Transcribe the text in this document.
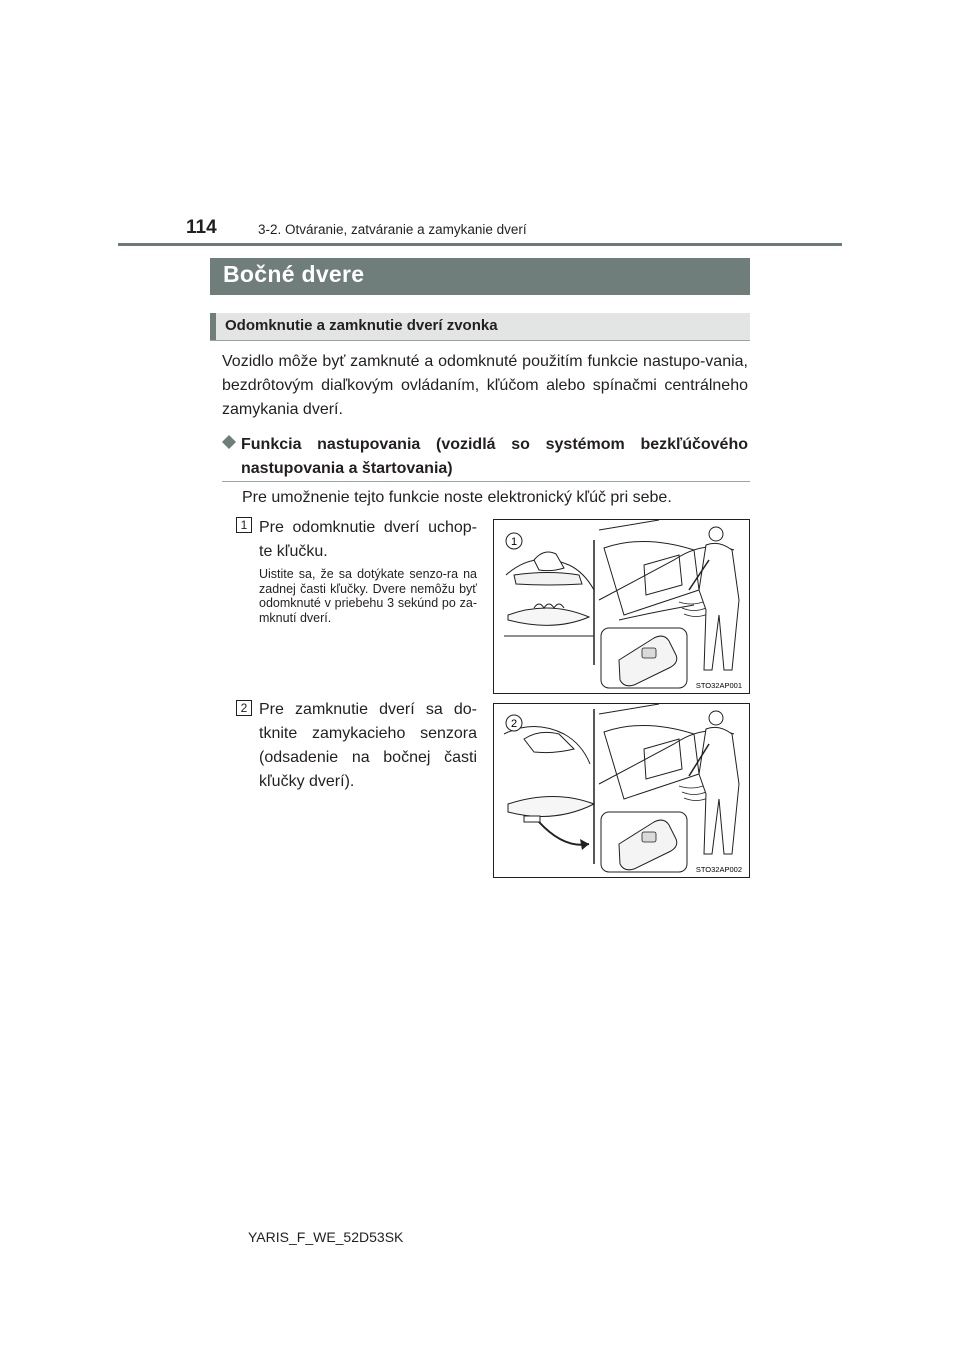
114	3-2. Otváranie, zatváranie a zamykanie dverí
Bočné dvere
Odomknutie a zamknutie dverí zvonka
Vozidlo môže byť zamknuté a odomknuté použitím funkcie nastupo-vania, bezdrôtovým diaľkovým ovládaním, kľúčom alebo spínačmi centrálneho zamykania dverí.
Funkcia nastupovania (vozidlá so systémom bezkľúčového nastupovania a štartovania)
Pre umožnenie tejto funkcie noste elektronický kľúč pri sebe.
1 Pre odomknutie dverí uchop-te kľučku.
Uistite sa, že sa dotýkate senzo-ra na zadnej časti kľučky. Dvere nemôžu byť odomknuté v priebehu 3 sekúnd po za-mknutí dverí.
1
STO32AP001
2 Pre zamknutie dverí sa do-tknite zamykacieho senzora (odsadenie na bočnej časti kľučky dverí).
2
STO32AP002
YARIS_F_WE_52D53SK
